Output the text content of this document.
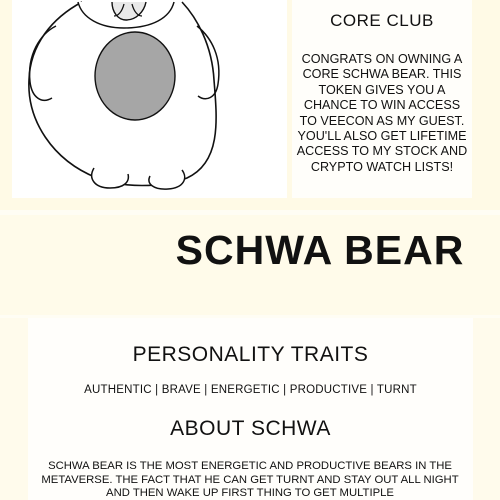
CORE CLUB
CONGRATS ON OWNING A CORE SCHWA BEAR. THIS TOKEN GIVES YOU A CHANCE TO WIN ACCESS TO VEECON AS MY GUEST. YOU'LL ALSO GET LIFETIME ACCESS TO MY STOCK AND CRYPTO WATCH LISTS!
SCHWA BEAR
PERSONALITY TRAITS
AUTHENTIC | BRAVE | ENERGETIC | PRODUCTIVE | TURNT
ABOUT SCHWA
SCHWA BEAR IS THE MOST ENERGETIC AND PRODUCTIVE BEARS IN THE METAVERSE. THE FACT THAT HE CAN GET TURNT AND STAY OUT ALL NIGHT AND THEN WAKE UP FIRST THING TO GET MULTIPLE
